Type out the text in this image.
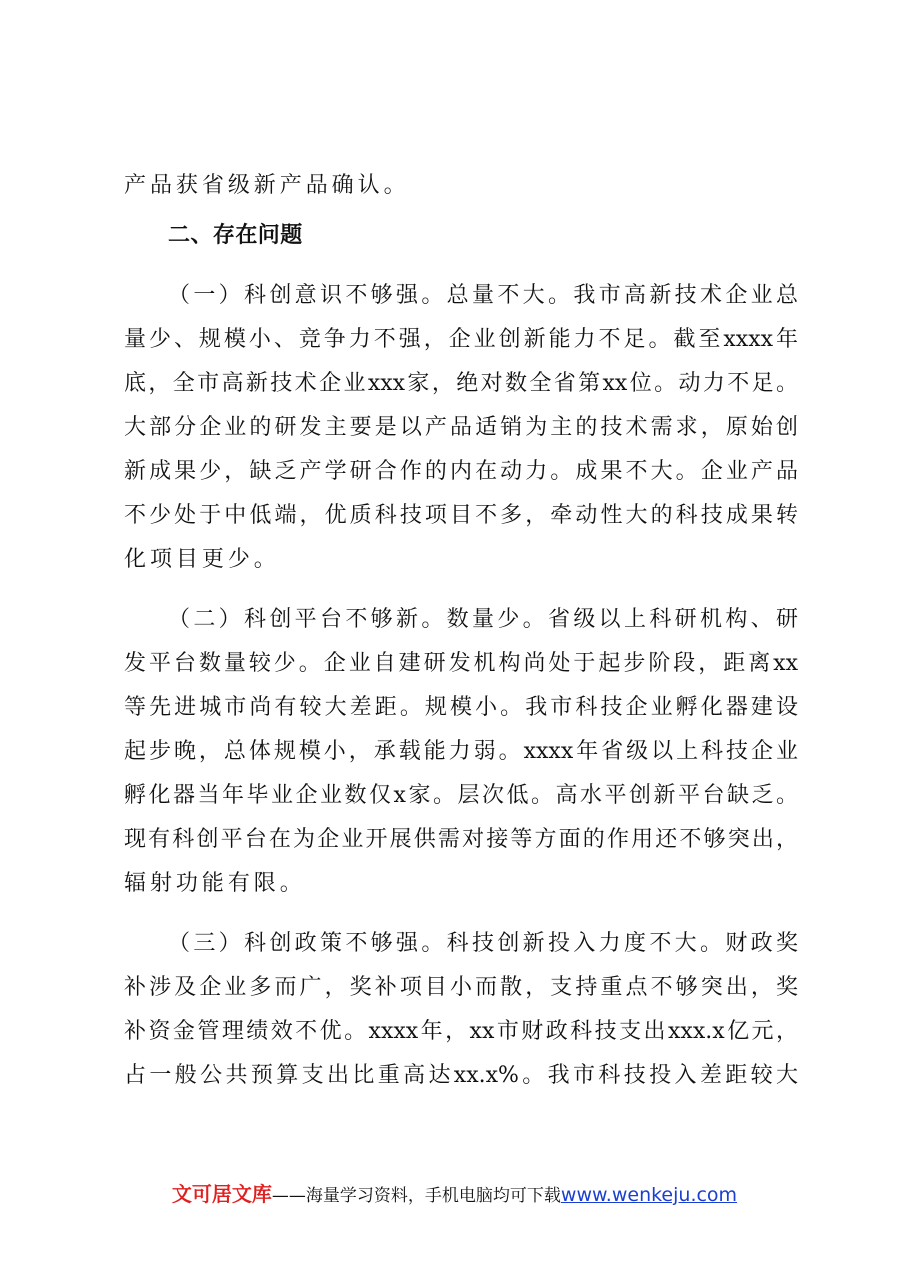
产品获省级新产品确认。
二、存在问题
（一）科创意识不够强。总量不大。我市高新技术企业总
量少、规模小、竞争力不强，企业创新能力不足。截至xxxx年
底，全市高新技术企业xxx家，绝对数全省第xx位。动力不足。
大部分企业的研发主要是以产品适销为主的技术需求，原始创
新成果少，缺乏产学研合作的内在动力。成果不大。企业产品
不少处于中低端，优质科技项目不多，牵动性大的科技成果转
化项目更少。
（二）科创平台不够新。数量少。省级以上科研机构、研
发平台数量较少。企业自建研发机构尚处于起步阶段，距离xx
等先进城市尚有较大差距。规模小。我市科技企业孵化器建设
起步晚，总体规模小，承载能力弱。xxxx年省级以上科技企业
孵化器当年毕业企业数仅x家。层次低。高水平创新平台缺乏。
现有科创平台在为企业开展供需对接等方面的作用还不够突出，
辐射功能有限。
（三）科创政策不够强。科技创新投入力度不大。财政奖
补涉及企业多而广，奖补项目小而散，支持重点不够突出，奖
补资金管理绩效不优。xxxx年，xx市财政科技支出xxx.x亿元，
占一般公共预算支出比重高达xx.x%。我市科技投入差距较大
文可居文库——海量学习资料，手机电脑均可下载www.wenkeju.com
